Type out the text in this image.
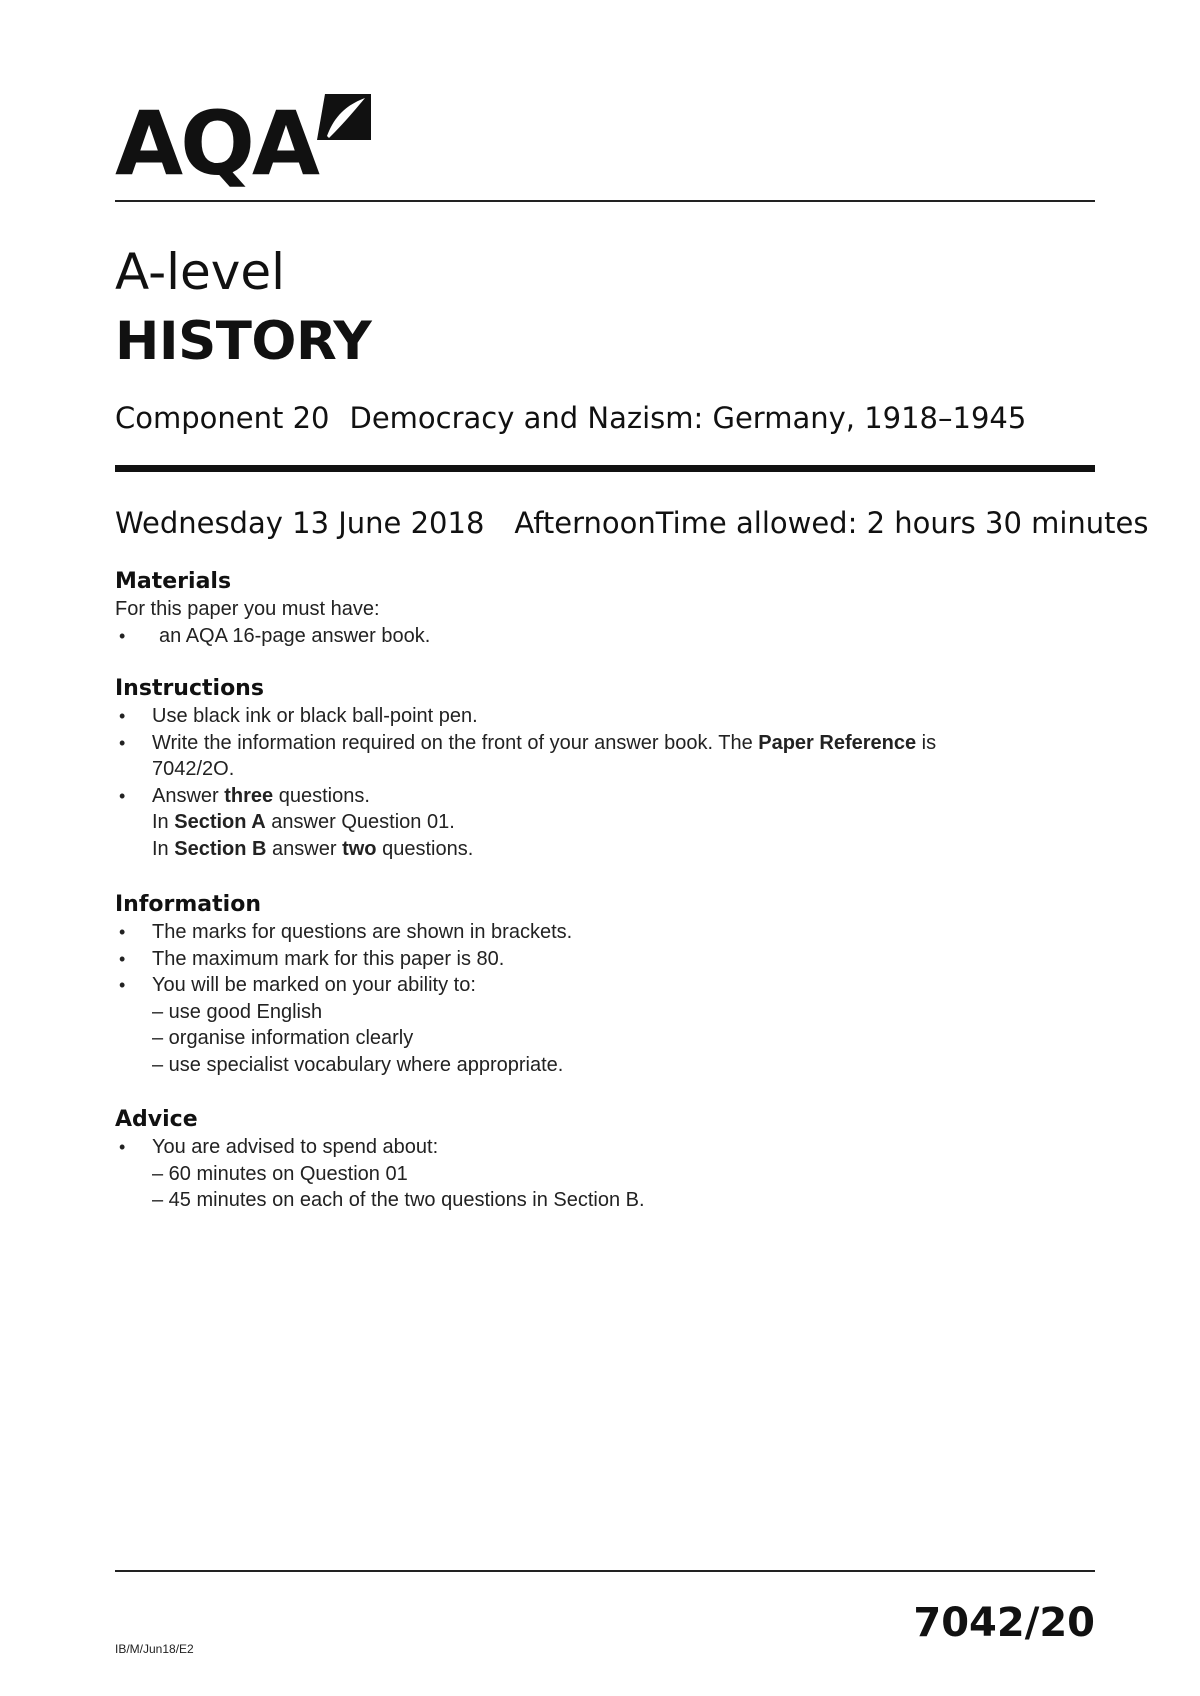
AQA
A-level
HISTORY
Component 20 Democracy and Nazism: Germany, 1918–1945
Wednesday 13 June 2018 Afternoon Time allowed: 2 hours 30 minutes
Materials
For this paper you must have:
• an AQA 16-page answer book.
Instructions
• Use black ink or black ball-point pen.
• Write the information required on the front of your answer book. The Paper Reference is 7042/2O.
• Answer three questions.
In Section A answer Question 01.
In Section B answer two questions.
Information
• The marks for questions are shown in brackets.
• The maximum mark for this paper is 80.
• You will be marked on your ability to:
– use good English
– organise information clearly
– use specialist vocabulary where appropriate.
Advice
• You are advised to spend about:
– 60 minutes on Question 01
– 45 minutes on each of the two questions in Section B.
IB/M/Jun18/E2
7042/20
